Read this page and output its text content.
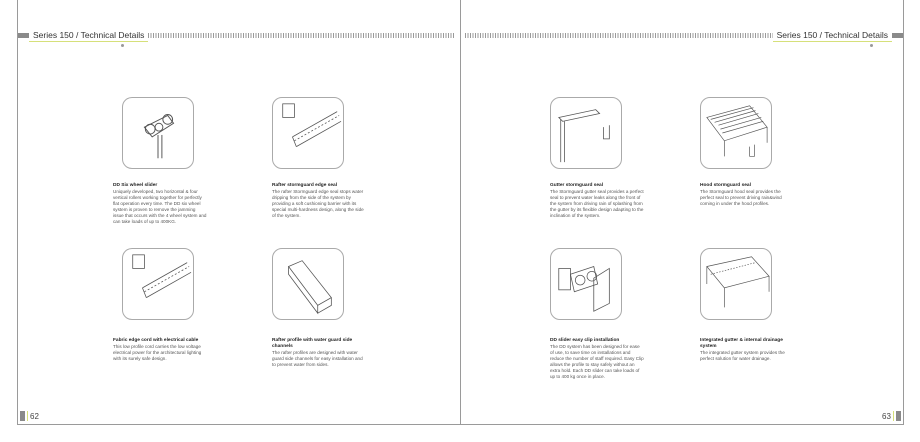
Series 150 / Technical Details	Series 150 / Technical Details
DD Six wheel slider
Uniquely developed, two horizontal & four vertical rollers working together for perfectly flat operation every time. The DD six wheel system is proven to remove the jamming issue that occurs with the 4 wheel system and can take loads of up to 400KG.
Rafter stormguard edge seal
The rafter Stormguard edge seal stops water dripping from the side of the system by providing a soft cushioning barrier with its special multi-hardness design, along the side of the system.
Gutter stormguard seal
The Stormguard gutter seal provides a perfect seal to prevent water leaks along the front of the system from driving rain of splashing from the gutter by its flexible design adapting to the inclination of the system.
Hood stormguard seal
The Stormguard hood seal provides the perfect seal to prevent driving rain&wind coming in under the hood profiles.
Fabric edge cord with electrical cable
This low profile cord carries the low voltage electrical power for the architectural lighting with its surely safe design.
Rafter profile with water guard side channels
The rafter profiles are designed with water guard side channels for easy installation and to prevent water from sides.
DD slider easy clip installation
The DD system has been designed for ease of use, to save time on installations and reduce the number of staff required. Easy Clip allows the profile to stay safely without an extra hold. Each DD slider can take loads of up to 400 kg once in place.
Integrated gutter & internal drainage system
The integrated gutter system provides the perfect solution for water drainage.
62	63
